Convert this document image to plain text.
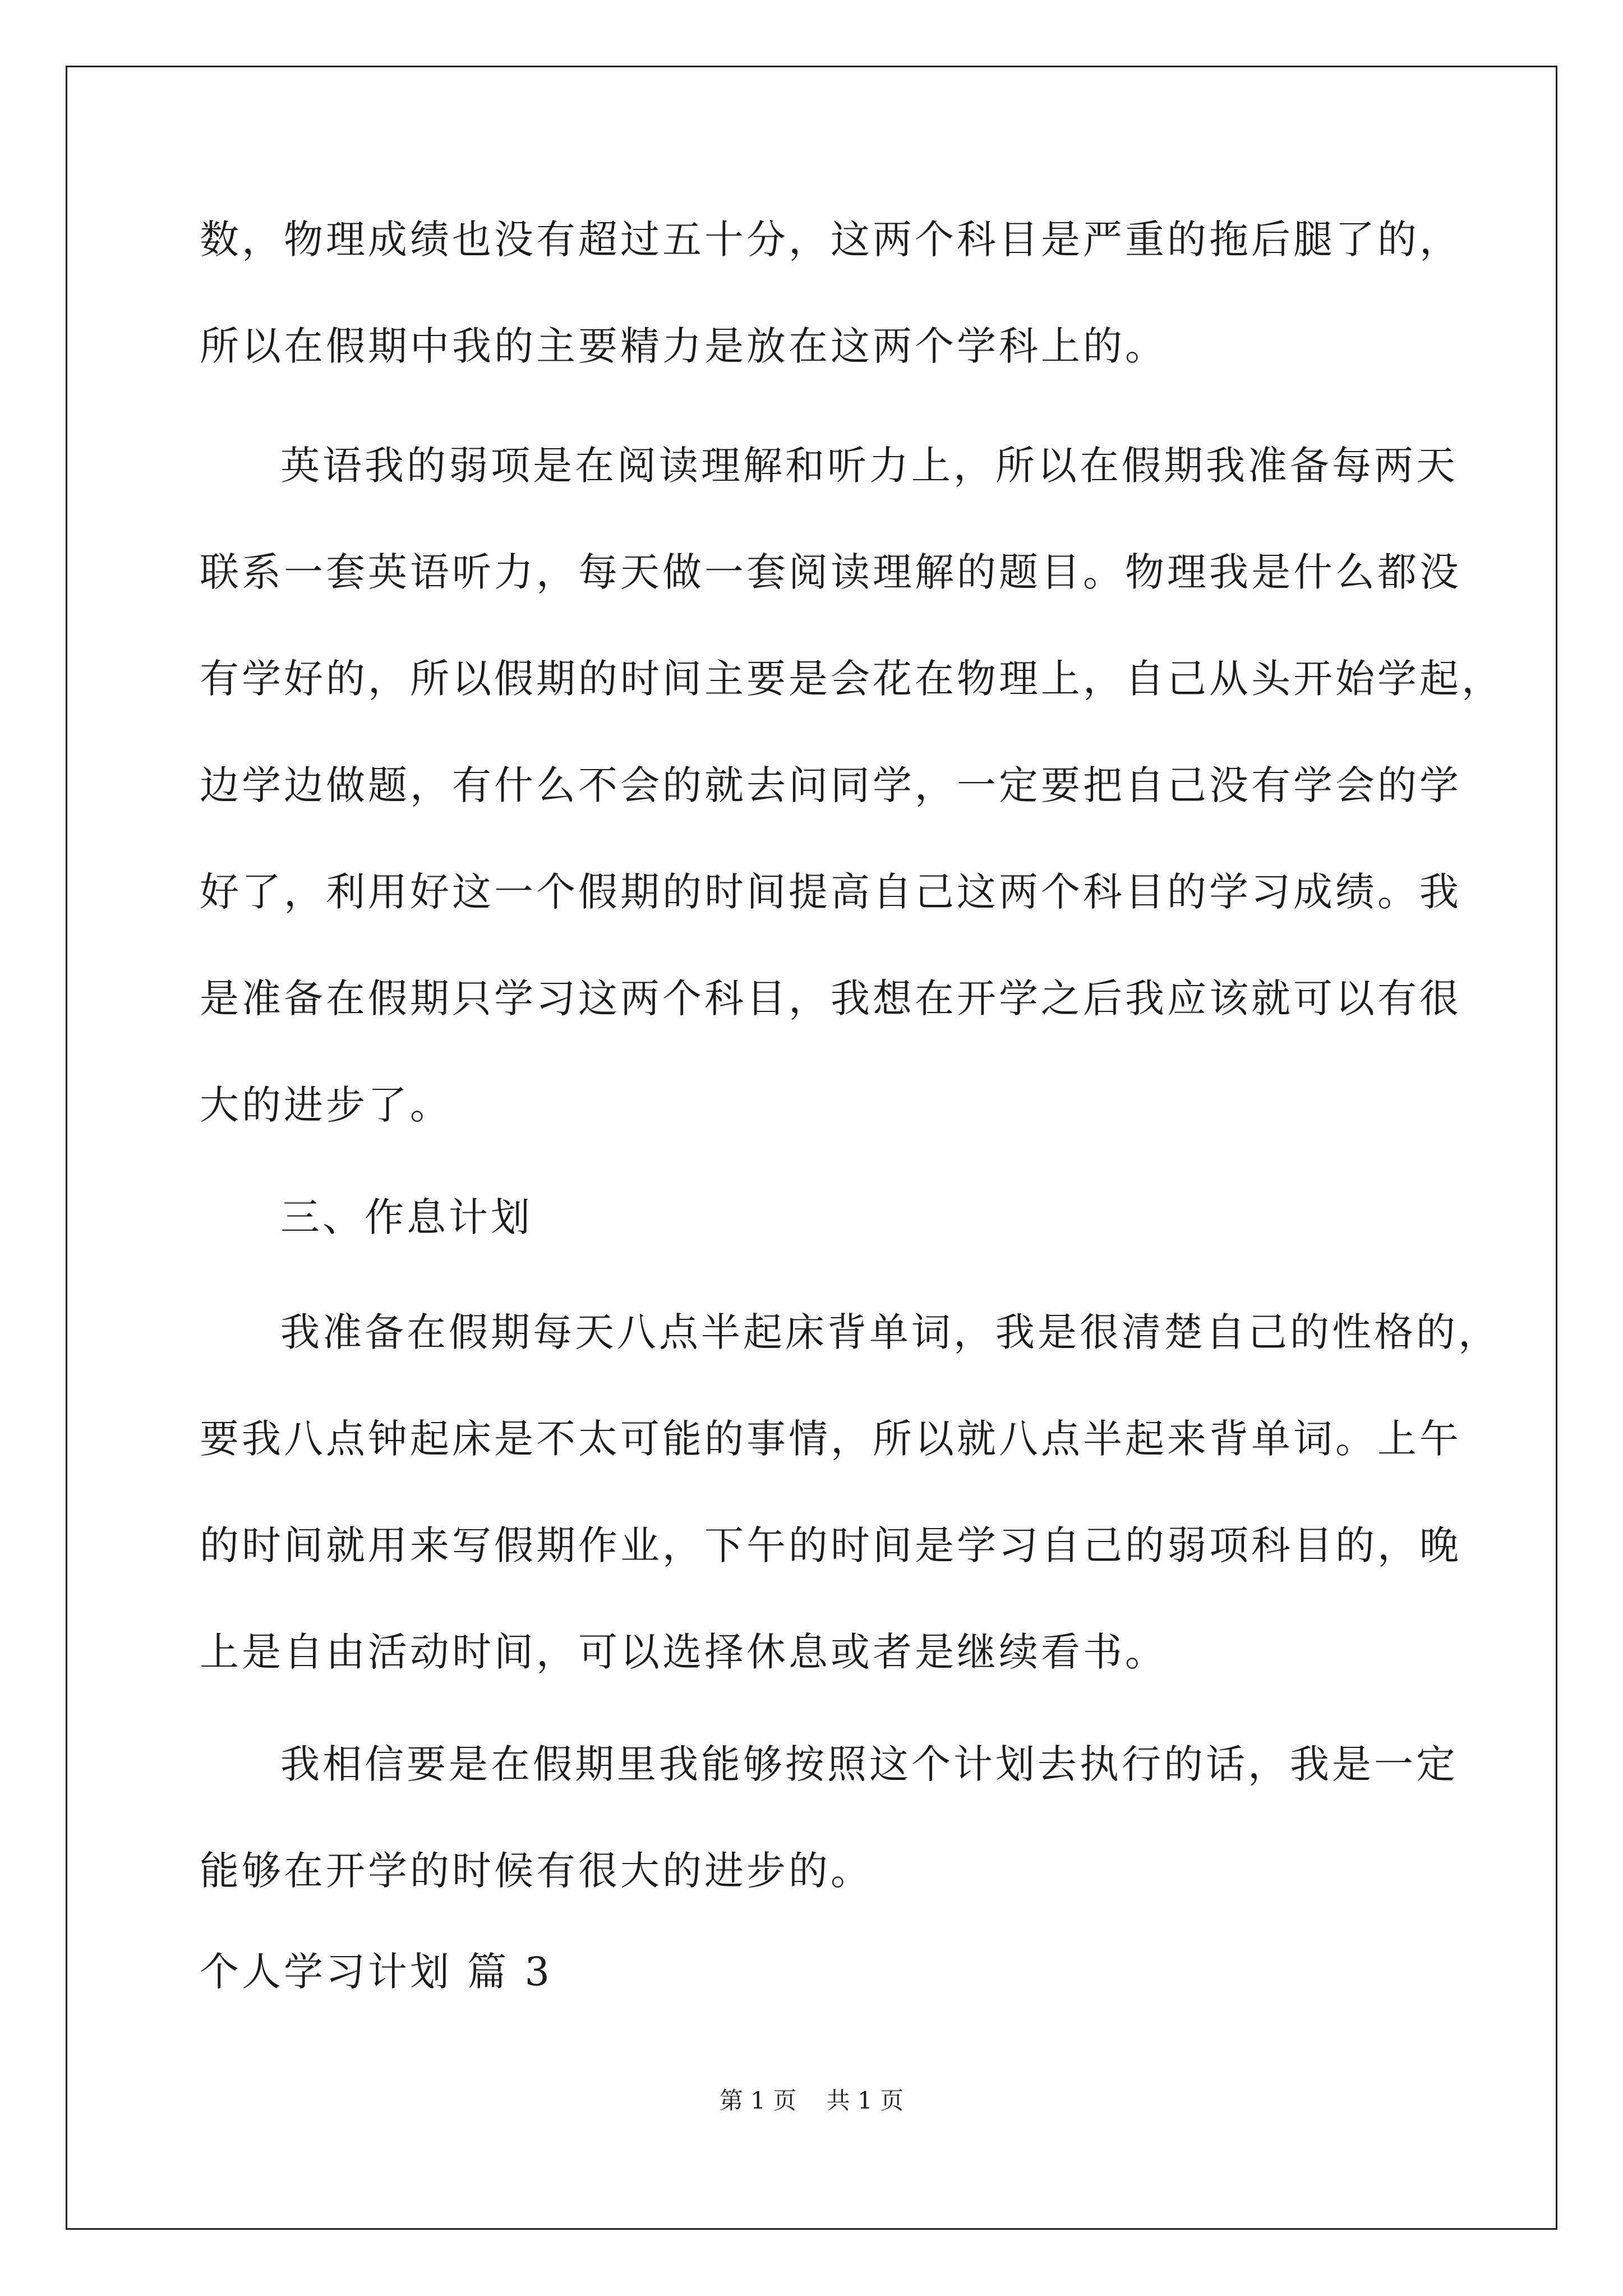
数，物理成绩也没有超过五十分，这两个科目是严重的拖后腿了的，
所以在假期中我的主要精力是放在这两个学科上的。
英语我的弱项是在阅读理解和听力上，所以在假期我准备每两天
联系一套英语听力，每天做一套阅读理解的题目。物理我是什么都没
有学好的，所以假期的时间主要是会花在物理上，自己从头开始学起，
边学边做题，有什么不会的就去问同学，一定要把自己没有学会的学
好了，利用好这一个假期的时间提高自己这两个科目的学习成绩。我
是准备在假期只学习这两个科目，我想在开学之后我应该就可以有很
大的进步了。
三、作息计划
我准备在假期每天八点半起床背单词，我是很清楚自己的性格的，
要我八点钟起床是不太可能的事情，所以就八点半起来背单词。上午
的时间就用来写假期作业，下午的时间是学习自己的弱项科目的，晚
上是自由活动时间，可以选择休息或者是继续看书。
我相信要是在假期里我能够按照这个计划去执行的话，我是一定
能够在开学的时候有很大的进步的。
个人学习计划 篇 3
第 1 页    共 1 页
